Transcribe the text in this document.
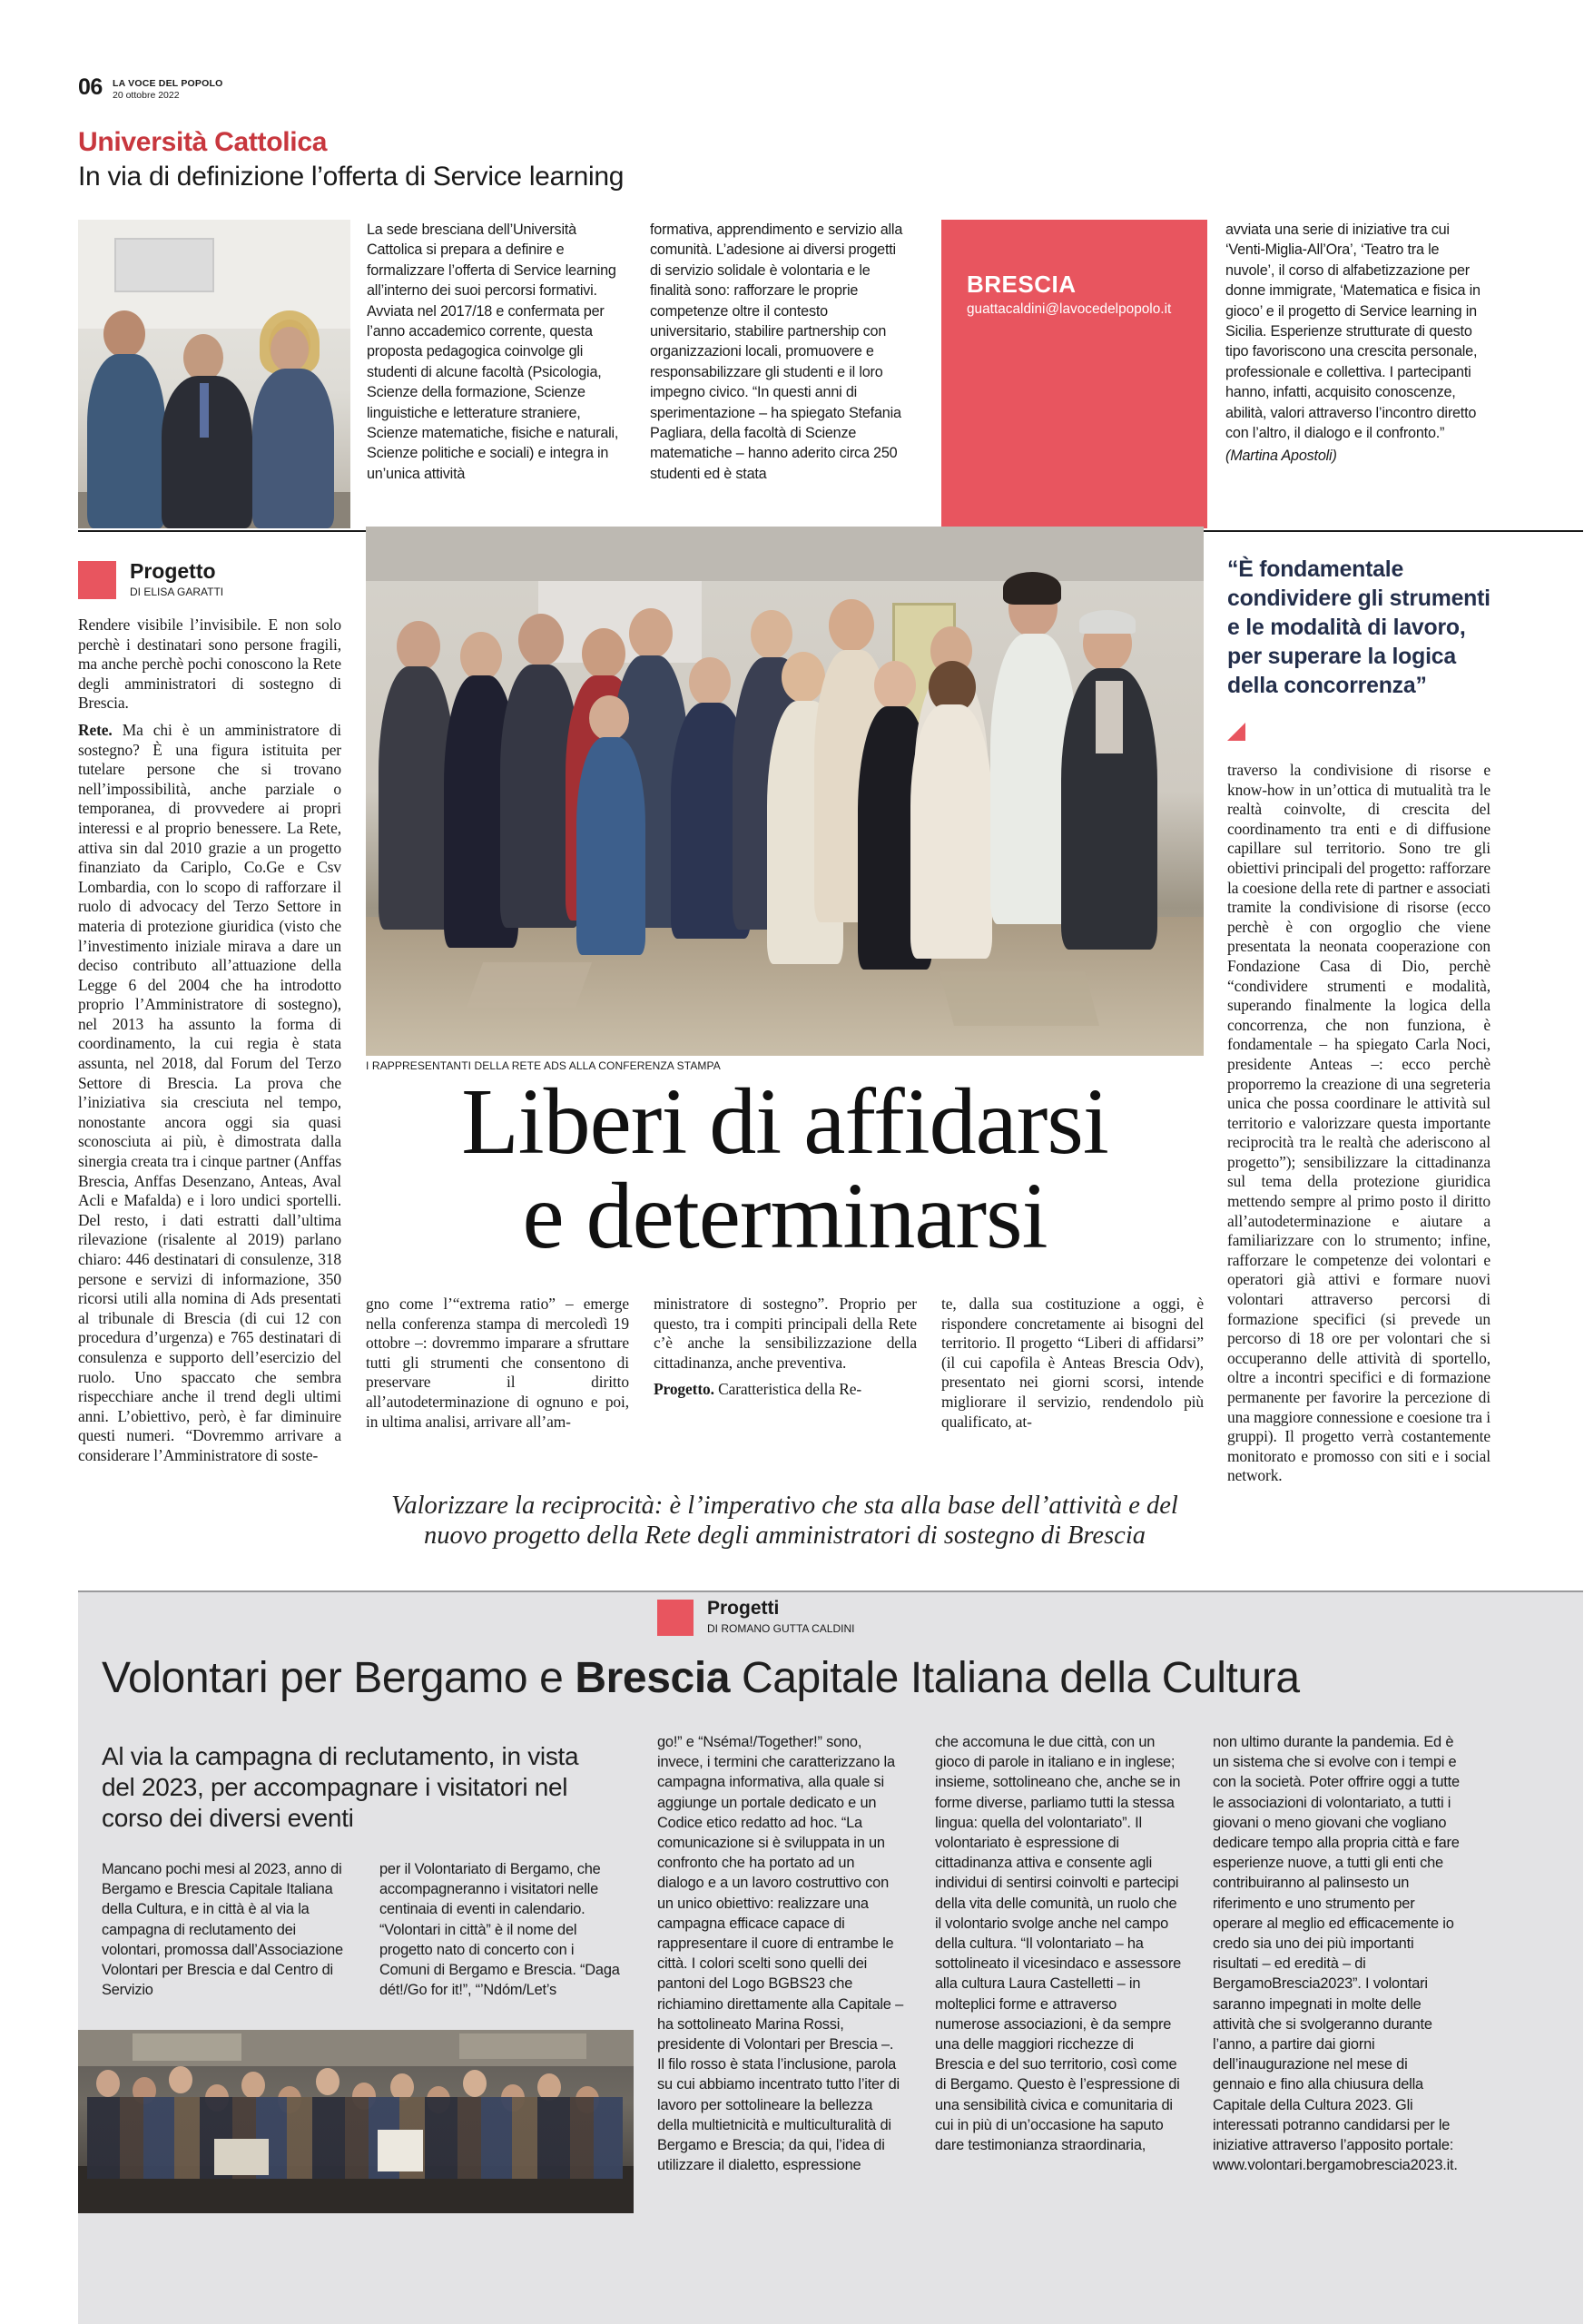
06 LA VOCE DEL POPOLO
20 ottobre 2022
Università Cattolica
In via di definizione l’offerta di Service learning

La sede bresciana dell’Università Cattolica si prepara a definire e formalizzare l’offerta di Service learning all’interno dei suoi percorsi formativi. Avviata nel 2017/18 e confermata per l’anno accademico corrente, questa proposta pedagogica coinvolge gli studenti di alcune facoltà (Psicologia, Scienze della formazione, Scienze linguistiche e letterature straniere, Scienze matematiche, fisiche e naturali, Scienze politiche e sociali) e integra in un’unica attività

formativa, apprendimento e servizio alla comunità. L’adesione ai diversi progetti di servizio solidale è volontaria e le finalità sono: rafforzare le proprie competenze oltre il contesto universitario, stabilire partnership con organizzazioni locali, promuovere e responsabilizzare gli studenti e il loro impegno civico. “In questi anni di sperimentazione – ha spiegato Stefania Pagliara, della facoltà di Scienze matematiche – hanno aderito circa 250 studenti ed è stata

BRESCIA
guattacaldini@lavocedelpopolo.it

avviata una serie di iniziative tra cui ‘Venti-Miglia-All’Ora’, ‘Teatro tra le nuvole’, il corso di alfabetizzazione per donne immigrate, ‘Matematica e fisica in gioco’ e il progetto di Service learning in Sicilia. Esperienze strutturate di questo tipo favoriscono una crescita personale, professionale e collettiva. I partecipanti hanno, infatti, acquisito conoscenze, abilità, valori attraverso l’incontro diretto con l’altro, il dialogo e il confronto.”

(Martina Apostoli)

Progetto
DI ELISA GARATTI

Rendere visibile l’invisibile. E non solo perchè i destinatari sono persone fragili, ma anche perchè pochi conoscono la Rete degli amministratori di sostegno di Brescia.

Rete. Ma chi è un amministratore di sostegno? È una figura istituita per tutelare persone che si trovano nell’impossibilità, anche parziale o temporanea, di provvedere ai propri interessi e al proprio benessere. La Rete, attiva sin dal 2010 grazie a un progetto finanziato da Cariplo, Co.Ge e Csv Lombardia, con lo scopo di rafforzare il ruolo di advocacy del Terzo Settore in materia di protezione giuridica (visto che l’investimento iniziale mirava a dare un deciso contributo all’attuazione della Legge 6 del 2004 che ha introdotto proprio l’Amministratore di sostegno), nel 2013 ha assunto la forma di coordinamento, la cui regia è stata assunta, nel 2018, dal Forum del Terzo Settore di Brescia. La prova che l’iniziativa sia cresciuta nel tempo, nonostante ancora oggi sia quasi sconosciuta ai più, è dimostrata dalla sinergia creata tra i cinque partner (Anffas Brescia, Anffas Desenzano, Anteas, Aval Acli e Mafalda) e i loro undici sportelli. Del resto, i dati estratti dall’ultima rilevazione (risalente al 2019) parlano chiaro: 446 destinatari di consulenze, 318 persone e servizi di informazione, 350 ricorsi utili alla nomina di Ads presentati al tribunale di Brescia (di cui 12 con procedura d’urgenza) e 765 destinatari di consulenza e supporto dell’esercizio del ruolo. Uno spaccato che sembra rispecchiare anche il trend degli ultimi anni. L’obiettivo, però, è far diminuire questi numeri. “Dovremmo arrivare a considerare l’Amministratore di soste-

I RAPPRESENTANTI DELLA RETE ADS ALLA CONFERENZA STAMPA
Liberi di affidarsi
e determinarsi

gno come l’“extrema ratio” – emerge nella conferenza stampa di mercoledì 19 ottobre –: dovremmo imparare a sfruttare tutti gli strumenti che consentono di preservare il diritto all’autodeterminazione di ognuno e poi, in ultima analisi, arrivare all’am-

ministratore di sostegno”. Proprio per questo, tra i compiti principali della Rete c’è anche la sensibilizzazione della cittadinanza, anche preventiva.

Progetto. Caratteristica della Re-

te, dalla sua costituzione a oggi, è rispondere concretamente ai bisogni del territorio. Il progetto “Liberi di affidarsi” (il cui capofila è Anteas Brescia Odv), presentato nei giorni scorsi, intende migliorare il servizio, rendendolo più qualificato, at-

Valorizzare la reciprocità: è l’imperativo che sta alla base dell’attività e del nuovo progetto della Rete degli amministratori di sostegno di Brescia
“È fondamentale condividere gli strumenti e le modalità di lavoro, per superare la logica della concorrenza”

traverso la condivisione di risorse e know-how in un’ottica di mutualità tra le realtà coinvolte, di crescita del coordinamento tra enti e di diffusione capillare sul territorio. Sono tre gli obiettivi principali del progetto: rafforzare la coesione della rete di partner e associati tramite la condivisione di risorse (ecco perchè è con orgoglio che viene presentata la neonata cooperazione con Fondazione Casa di Dio, perchè “condividere strumenti e modalità, superando finalmente la logica della concorrenza, che non funziona, è fondamentale – ha spiegato Carla Noci, presidente Anteas –: ecco perchè proporremo la creazione di una segreteria unica che possa coordinare le attività sul territorio e valorizzare questa importante reciprocità tra le realtà che aderiscono al progetto”); sensibilizzare la cittadinanza sul tema della protezione giuridica mettendo sempre al primo posto il diritto all’autodeterminazione e aiutare a familiarizzare con lo strumento; infine, rafforzare le competenze dei volontari e operatori già attivi e formare nuovi volontari attraverso percorsi di formazione specifici (si prevede un percorso di 18 ore per volontari che si occuperanno delle attività di sportello, oltre a incontri specifici e di formazione permanente per favorire la percezione di una maggiore connessione e coesione tra i gruppi). Il progetto verrà costantemente monitorato e promosso con siti e i social network.

Progetti
DI ROMANO GUTTA CALDINI
Volontari per Bergamo e Brescia Capitale Italiana della Cultura
Al via la campagna di reclutamento, in vista del 2023, per accompagnare i visitatori nel corso dei diversi eventi

Mancano pochi mesi al 2023, anno di Bergamo e Brescia Capitale Italiana della Cultura, e in città è al via la campagna di reclutamento dei volontari, promossa dall’Associazione Volontari per Brescia e dal Centro di Servizio

per il Volontariato di Bergamo, che accompagneranno i visitatori nelle centinaia di eventi in calendario. “Volontari in città” è il nome del progetto nato di concerto con i Comuni di Bergamo e Brescia. “Daga dét!/Go for it!”, “’Ndóm/Let’s

go!” e “Nséma!/Together!” sono, invece, i termini che caratterizzano la campagna informativa, alla quale si aggiunge un portale dedicato e un Codice etico redatto ad hoc. “La comunicazione si è sviluppata in un confronto che ha portato ad un dialogo e a un lavoro costruttivo con un unico obiettivo: realizzare una campagna efficace capace di rappresentare il cuore di entrambe le città. I colori scelti sono quelli dei pantoni del Logo BGBS23 che richiamino direttamente alla Capitale – ha sottolineato Marina Rossi, presidente di Volontari per Brescia –. Il filo rosso è stata l’inclusione, parola su cui abbiamo incentrato tutto l’iter di lavoro per sottolineare la bellezza della multietnicità e multiculturalità di Bergamo e Brescia; da qui, l’idea di utilizzare il dialetto, espressione

che accomuna le due città, con un gioco di parole in italiano e in inglese; insieme, sottolineano che, anche se in forme diverse, parliamo tutti la stessa lingua: quella del volontariato”. Il volontariato è espressione di cittadinanza attiva e consente agli individui di sentirsi coinvolti e partecipi della vita delle comunità, un ruolo che il volontario svolge anche nel campo della cultura. “Il volontariato – ha sottolineato il vicesindaco e assessore alla cultura Laura Castelletti – in molteplici forme e attraverso numerose associazioni, è da sempre una delle maggiori ricchezze di Brescia e del suo territorio, così come di Bergamo. Questo è l’espressione di una sensibilità civica e comunitaria di cui in più di un’occasione ha saputo dare testimonianza straordinaria,

non ultimo durante la pandemia. Ed è un sistema che si evolve con i tempi e con la società. Poter offrire oggi a tutte le associazioni di volontariato, a tutti i giovani o meno giovani che vogliano dedicare tempo alla propria città e fare esperienze nuove, a tutti gli enti che contribuiranno al palinsesto un riferimento e uno strumento per operare al meglio ed efficacemente io credo sia uno dei più importanti risultati – ed eredità – di BergamoBrescia2023”. I volontari saranno impegnati in molte delle attività che si svolgeranno durante l’anno, a partire dai giorni dell’inaugurazione nel mese di gennaio e fino alla chiusura della Capitale della Cultura 2023. Gli interessati potranno candidarsi per le iniziative attraverso l’apposito portale: www.volontari.bergamobrescia2023.it.
